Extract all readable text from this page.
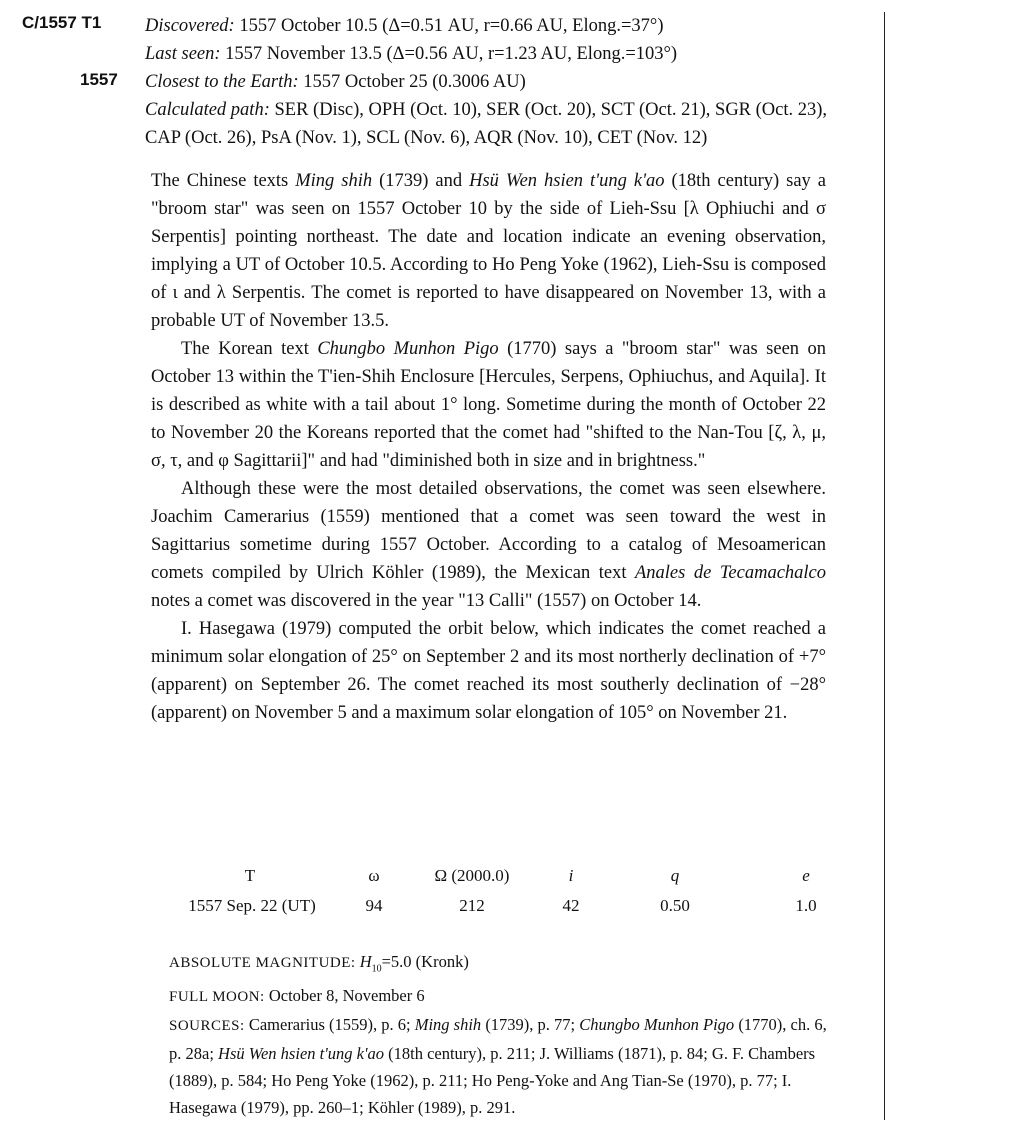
C/1557 T1
1557
Discovered: 1557 October 10.5 (Δ=0.51 AU, r=0.66 AU, Elong.=37°)
Last seen: 1557 November 13.5 (Δ=0.56 AU, r=1.23 AU, Elong.=103°)
Closest to the Earth: 1557 October 25 (0.3006 AU)
Calculated path: SER (Disc), OPH (Oct. 10), SER (Oct. 20), SCT (Oct. 21), SGR (Oct. 23), CAP (Oct. 26), PsA (Nov. 1), SCL (Nov. 6), AQR (Nov. 10), CET (Nov. 12)

The Chinese texts Ming shih (1739) and Hsü Wen hsien t'ung k'ao (18th century) say a "broom star" was seen on 1557 October 10 by the side of Lieh-Ssu [λ Ophiuchi and σ Serpentis] pointing northeast. The date and location indicate an evening observation, implying a UT of October 10.5. According to Ho Peng Yoke (1962), Lieh-Ssu is composed of ι and λ Serpentis. The comet is reported to have disappeared on November 13, with a probable UT of November 13.5.

The Korean text Chungbo Munhon Pigo (1770) says a "broom star" was seen on October 13 within the T'ien-Shih Enclosure [Hercules, Serpens, Ophiuchus, and Aquila]. It is described as white with a tail about 1° long. Sometime during the month of October 22 to November 20 the Koreans reported that the comet had "shifted to the Nan-Tou [ζ, λ, μ, σ, τ, and φ Sagittarii]" and had "diminished both in size and in brightness."

Although these were the most detailed observations, the comet was seen elsewhere. Joachim Camerarius (1559) mentioned that a comet was seen toward the west in Sagittarius sometime during 1557 October. According to a catalog of Mesoamerican comets compiled by Ulrich Köhler (1989), the Mexican text Anales de Tecamachalco notes a comet was discovered in the year "13 Calli" (1557) on October 14.

I. Hasegawa (1979) computed the orbit below, which indicates the comet reached a minimum solar elongation of 25° on September 2 and its most northerly declination of +7° (apparent) on September 26. The comet reached its most southerly declination of −28° (apparent) on November 5 and a maximum solar elongation of 105° on November 21.

T	ω	Ω (2000.0)	i	q	e
1557 Sep. 22 (UT)	94	212	42	0.50	1.0

ABSOLUTE MAGNITUDE: $H_{10}=5.0$ (Kronk)

FULL MOON: October 8, November 6

SOURCES: Camerarius (1559), p. 6; Ming shih (1739), p. 77; Chungbo Munhon Pigo (1770), ch. 6, p. 28a; Hsü Wen hsien t'ung k'ao (18th century), p. 211; J. Williams (1871), p. 84; G. F. Chambers (1889), p. 584; Ho Peng Yoke (1962), p. 211; Ho Peng-Yoke and Ang Tian-Se (1970), p. 77; I. Hasegawa (1979), pp. 260–1; Köhler (1989), p. 291.
